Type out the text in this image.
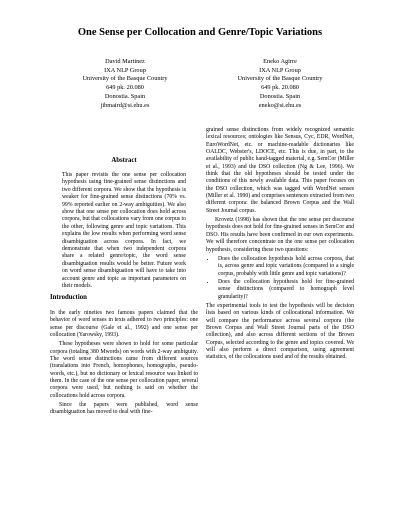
One Sense per Collocation and Genre/Topic Variations
David Martinez
IXA NLP Group
University of the Basque Country
649 pk. 20.080
Donostia. Spain
jibmaird@si.ehu.es
Eneko Agirre
IXA NLP Group
University of the Basque Country
649 pk. 20.080
Donostia. Spain
eneko@si.ehu.es
Abstract
This paper revisits the one sense per collocation hypothesis using fine-grained sense distinctions and two different corpora. We show that the hypothesis is weaker for fine-grained sense distinctions (70% vs. 99% reported earlier on 2-way ambiguities). We also show that one sense per collocation does hold across corpora, but that collocations vary from one corpus to the other, following genre and topic variations. This explains the low results when performing word sense disambiguation across corpora. In fact, we demonstrate that when two independent corpora share a related genre/topic, the word sense disambiguation results would be better. Future work on word sense disambiguation will have to take into account genre and topic as important parameters on their models.
Introduction

In the early nineties two famous papers claimed that the behavior of word senses in texts adhered to two principles: one sense per discourse (Gale et al., 1992) and one sense per collocation (Yarowsky, 1993).

These hypotheses were shown to hold for some particular corpora (totaling 380 Mwords) on words with 2-way ambiguity. The word sense distinctions came from different sources (translations into French, homophones, homographs, pseudo-words, etc.), but no dictionary or lexical resource was linked to them. In the case of the one sense per collocation paper, several corpora were used, but nothing is said on whether the collocations hold across corpora.

Since the papers were published, word sense disambiguation has moved to deal with fine-

grained sense distinctions from widely recognized semantic lexical resources; ontologies like Sensus, Cyc, EDR, WordNet, EuroWordNet, etc. or machine-readable dictionaries like OALDC, Webster's, LDOCE, etc. This is due, in part, to the availability of public hand-tagged material, e.g. SemCor (Miller et al., 1993) and the DSO collection (Ng & Lee, 1996). We think that the old hypotheses should be tested under the conditions of this newly available data. This paper focuses on the DSO collection, which was tagged with WordNet senses (Miller et al. 1990) and comprises sentences extracted from two different corpora: the balanced Brown Corpus and the Wall Street Journal corpus.

Krovetz (1998) has shown that the one sense per discourse hypothesis does not hold for fine-grained senses in SemCor and DSO. His results have been confirmed in our own experiments. We will therefore concentrate on the one sense per collocation hypothesis, considering these two questions:

• Does the collocation hypothesis hold across corpora, that is, across genre and topic variations (compared to a single corpus, probably with little genre and topic variations)?
• Does the collocation hypothesis hold for fine-grained sense distinctions (compared to homograph level granularity)?

The experimental tools to test the hypothesis will be decision lists based on various kinds of collocational information. We will compare the performance across several corpora (the Brown Corpus and Wall Street Journal parts of the DSO collection), and also across different sections of the Brown Corpus, selected according to the genre and topics covered. We will also perform a direct comparison, using agreement statistics, of the collocations used and of the results obtained.
